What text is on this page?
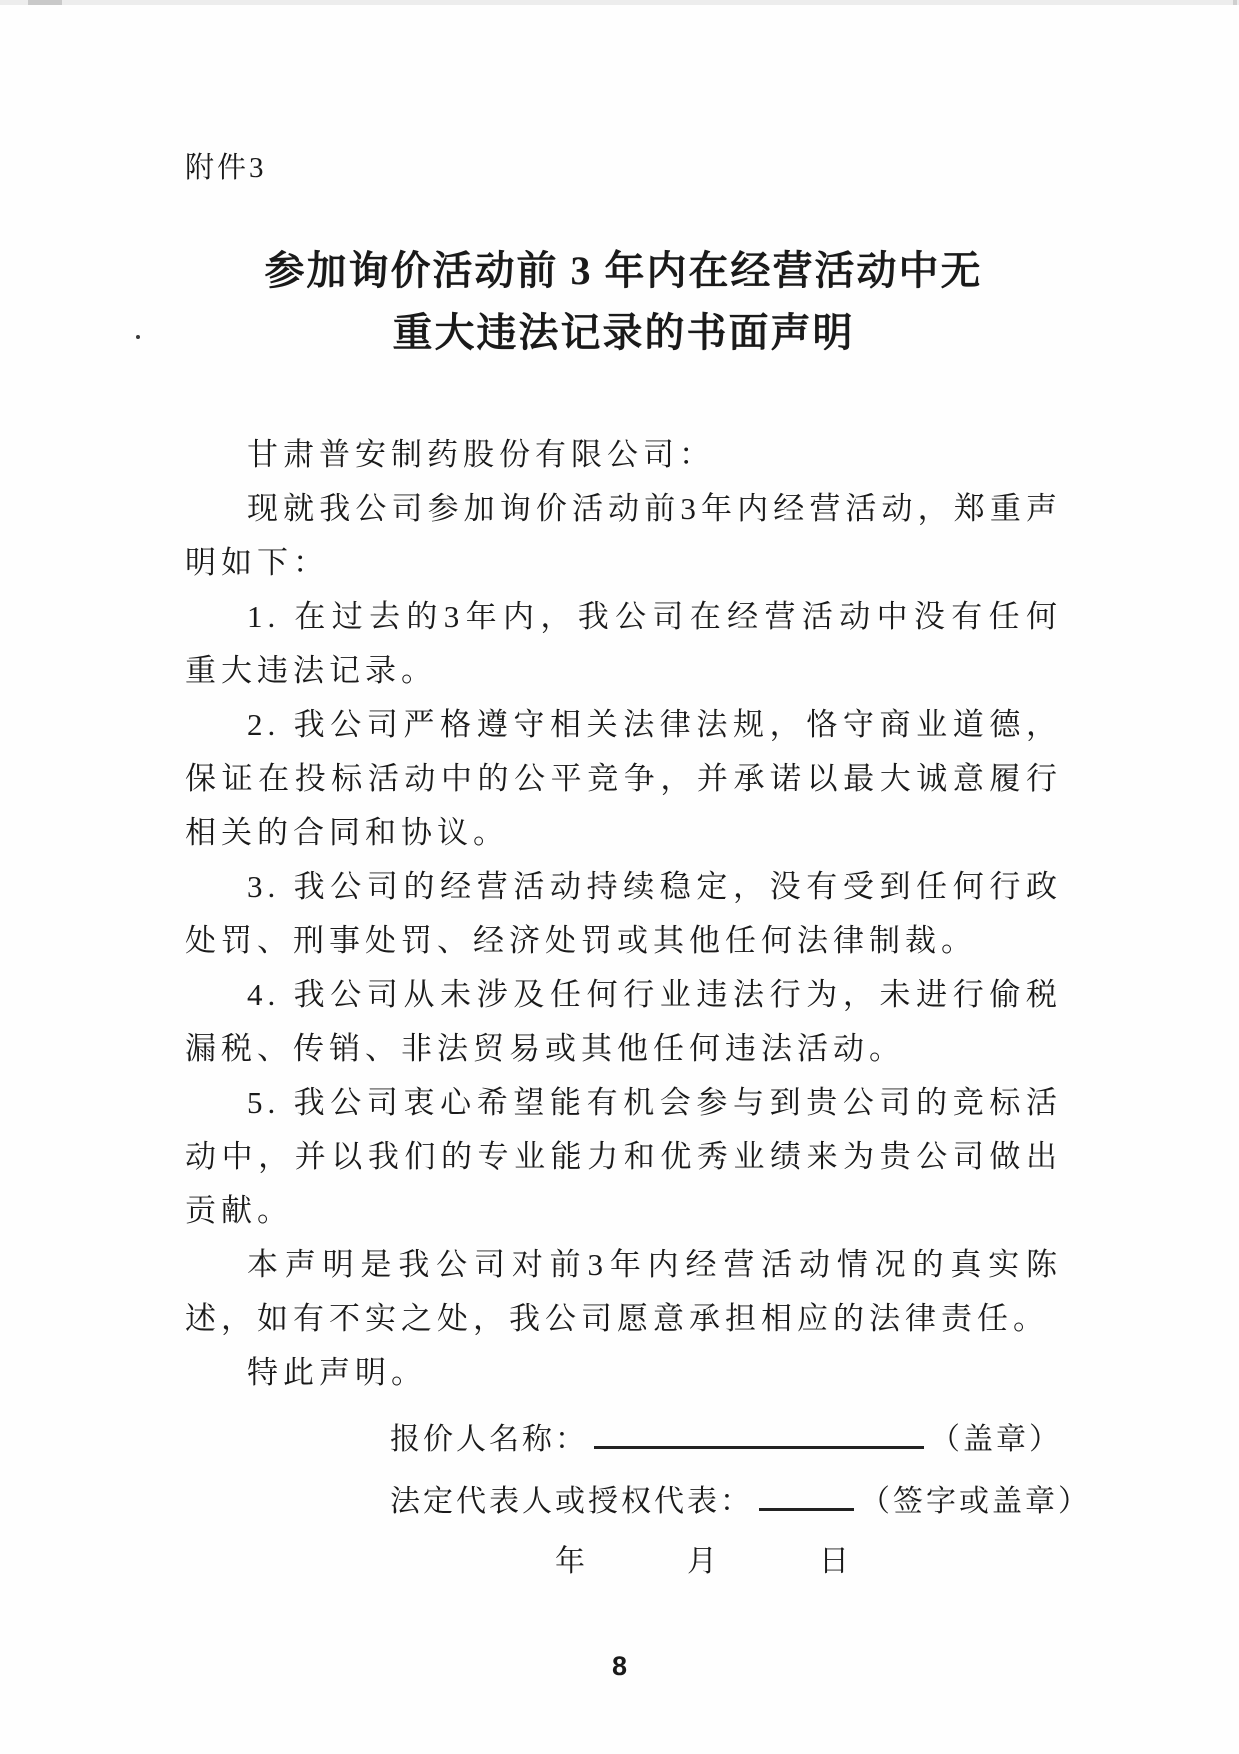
附件3
参加询价活动前 3 年内在经营活动中无
重大违法记录的书面声明

甘肃普安制药股份有限公司：

现就我公司参加询价活动前3年内经营活动，郑重声明如下：

1. 在过去的3年内，我公司在经营活动中没有任何重大违法记录。

2. 我公司严格遵守相关法律法规，恪守商业道德，保证在投标活动中的公平竞争，并承诺以最大诚意履行相关的合同和协议。

3. 我公司的经营活动持续稳定，没有受到任何行政处罚、刑事处罚、经济处罚或其他任何法律制裁。

4. 我公司从未涉及任何行业违法行为，未进行偷税漏税、传销、非法贸易或其他任何违法活动。

5. 我公司衷心希望能有机会参与到贵公司的竞标活动中，并以我们的专业能力和优秀业绩来为贵公司做出贡献。

本声明是我公司对前3年内经营活动情况的真实陈述，如有不实之处，我公司愿意承担相应的法律责任。

特此声明。

报价人名称：	（盖章）
法定代表人或授权代表：	（签字或盖章）
年　　　月　　　日
8
